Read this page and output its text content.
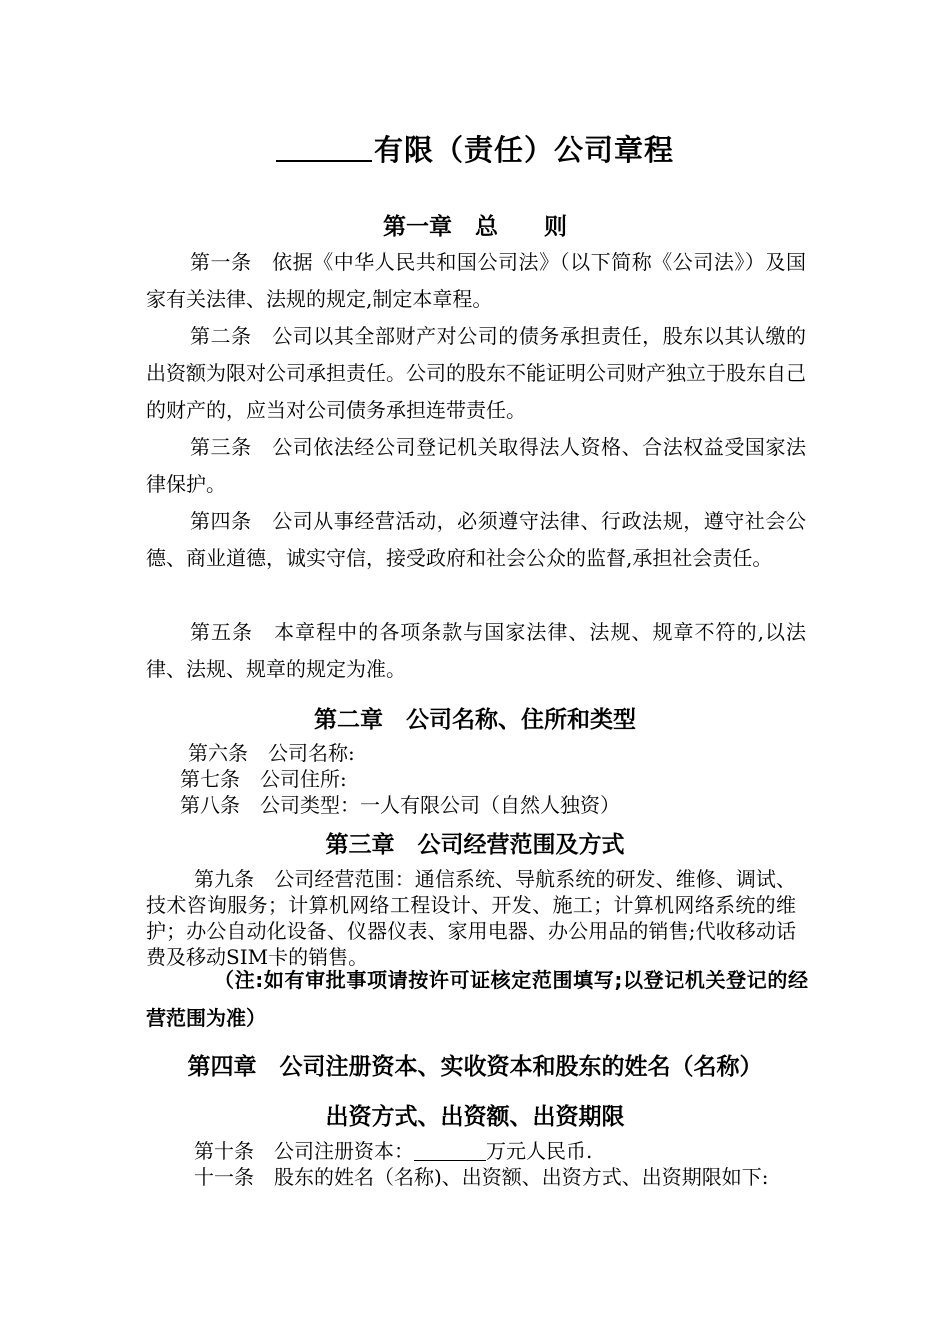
有限（责任）公司章程
第一章　总　　则
第一条　依据《中华人民共和国公司法》（以下简称《公司法》）及国家有关法律、法规的规定,制定本章程。
第二条　公司以其全部财产对公司的债务承担责任，股东以其认缴的出资额为限对公司承担责任。公司的股东不能证明公司财产独立于股东自己的财产的，应当对公司债务承担连带责任。
第三条　公司依法经公司登记机关取得法人资格、合法权益受国家法律保护。
第四条　公司从事经营活动，必须遵守法律、行政法规，遵守社会公德、商业道德，诚实守信，接受政府和社会公众的监督,承担社会责任。
第五条　本章程中的各项条款与国家法律、法规、规章不符的,以法律、法规、规章的规定为准。
第二章　公司名称、住所和类型
第六条　公司名称:
第七条　公司住所:
第八条　公司类型：一人有限公司（自然人独资）
第三章　公司经营范围及方式
第九条　公司经营范围：通信系统、导航系统的研发、维修、调试、技术咨询服务；计算机网络工程设计、开发、施工；计算机网络系统的维护；办公自动化设备、仪器仪表、家用电器、办公用品的销售;代收移动话费及移动SIM卡的销售。
（注:如有审批事项请按许可证核定范围填写;以登记机关登记的经营范围为准）
第四章　公司注册资本、实收资本和股东的姓名（名称）
出资方式、出资额、出资期限
第十条　公司注册资本：	万元人民币.
十一条　股东的姓名（名称)、出资额、出资方式、出资期限如下:
